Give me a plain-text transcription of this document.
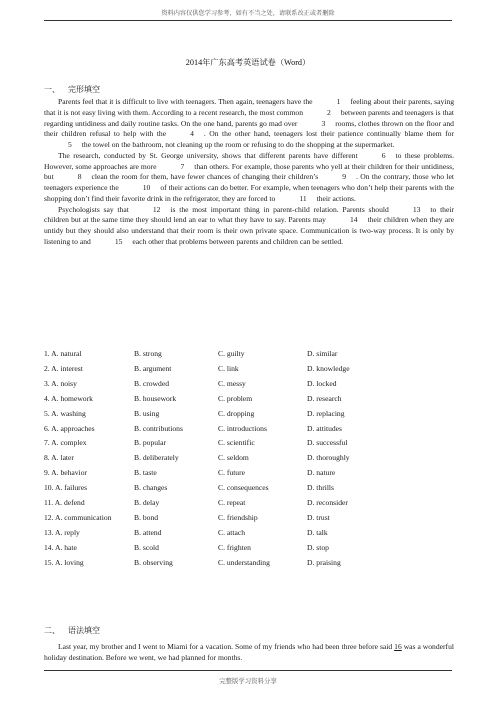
资料内容仅供您学习参考，如有不当之处，请联系改正或者删除
2014年广东高考英语试卷（Word）
一、 完形填空

Parents feel that it is difficult to live with teenagers. Then again, teenagers have the	1 feeling about their parents, saying that it is not easy living with them. According to a recent research, the most common	2 between parents and teenagers is that regarding untidiness and daily routine tasks. On the one hand, parents go mad over	3 rooms, clothes thrown on the floor and their children refusal to help with the	4 . On the other hand, teenagers lost their patience continually blame them for5 the towel on the bathroom, not cleaning up the room or refusing to do the shopping at the supermarket.

The research, conducted by St. George university, shows that different parents have different	6 to these problems. However, some approaches are more	7 than others. For example, those parents who yell at their children for their untidiness, but	8 clean the room for them, have fewer chances of changing their children’s	9 . On the contrary, those who let teenagers experience the	10 of their actions can do better. For example, when teenagers who don’t help their parents with the shopping don’t find their favorite drink in the refrigerator, they are forced to	11 their actions.

Psychologists say that	12 is the most important thing in parent-child relation. Parents should	13 to their children but at the same time they should lend an ear to what they have to say. Parents may	14 their children when they are untidy but they should also understand that their room is their own private space. Communication is two-way process. It is only by listening to and	15 each other that problems between parents and children can be settled.

1. A. natural	B. strong	C. guilty	D. similar
2. A. interest	B. argument	C. link	D. knowledge
3. A. noisy	B. crowded	C. messy	D. locked
4. A. homework	B. housework	C. problem	D. research
5. A. washing	B. using	C. dropping	D. replacing
6. A. approaches	B. contributions	C. introductions	D. attitudes
7. A. complex	B. popular	C. scientific	D. successful
8. A. later	B. deliberately	C. seldom	D. thoroughly
9. A. behavior	B. taste	C. future	D. nature
10. A. failures	B. changes	C. consequences	D. thrills
11. A. defend	B. delay	C. repeat	D. reconsider
12. A. communication	B. bond	C. friendship	D. trust
13. A. reply	B. attend	C. attach	D. talk
14. A. hate	B. scold	C. frighten	D. stop
15. A. loving	B. observing	C. understanding	D. praising
二、 语法填空

Last year, my brother and I went to Miami for a vacation. Some of my friends who had been three before said 16 was a wonderful holiday destination. Before we went, we had planned for months.

完整版学习资料分享
